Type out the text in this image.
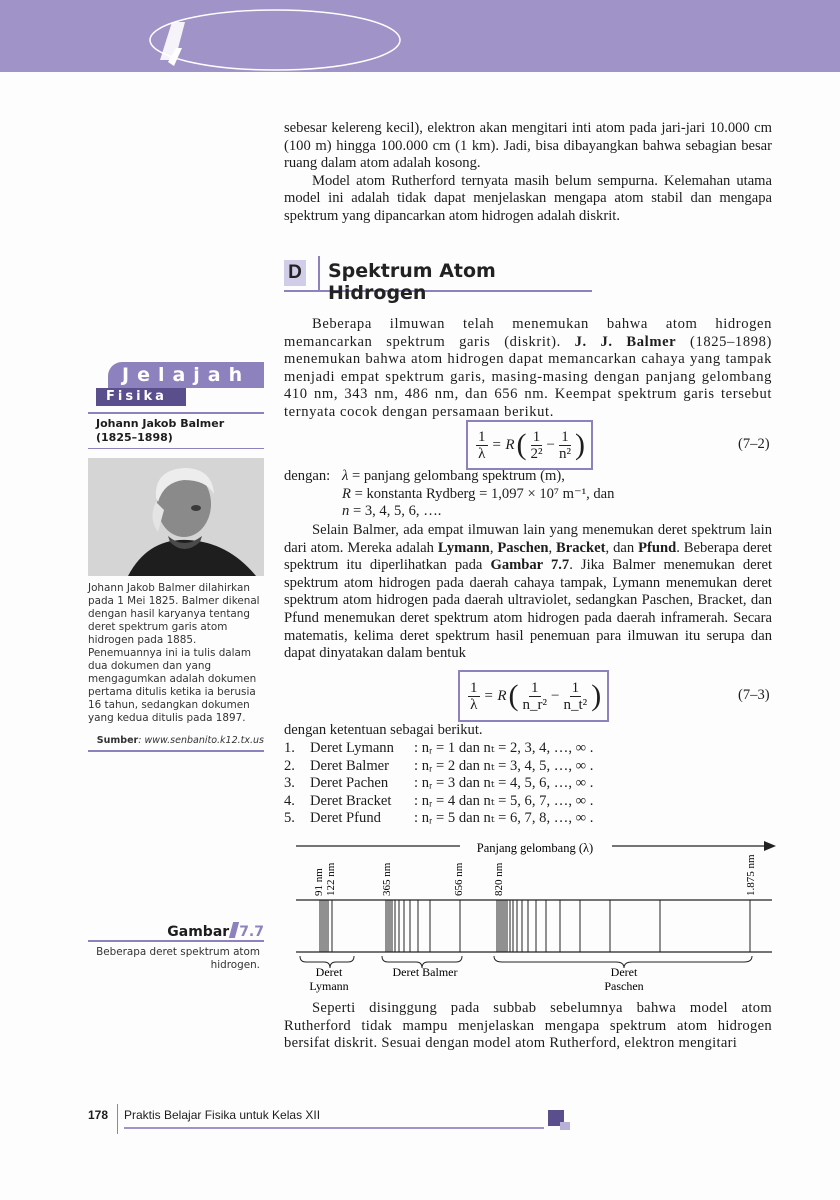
sebesar kelereng kecil), elektron akan mengitari inti atom pada jari-jari 10.000 cm (100 m) hingga 100.000 cm (1 km). Jadi, bisa dibayangkan bahwa sebagian besar ruang dalam atom adalah kosong.

Model atom Rutherford ternyata masih belum sempurna. Kelemahan utama model ini adalah tidak dapat menjelaskan mengapa atom stabil dan mengapa spektrum yang dipancarkan atom hidrogen adalah diskrit.

D Spektrum Atom Hidrogen

Beberapa ilmuwan telah menemukan bahwa atom hidrogen memancarkan spektrum garis (diskrit). J. J. Balmer (1825–1898) menemukan bahwa atom hidrogen dapat memancarkan cahaya yang tampak menjadi empat spektrum garis, masing-masing dengan panjang gelombang 410 nm, 343 nm, 486 nm, dan 656 nm. Keempat spektrum garis tersebut ternyata cocok dengan persamaan berikut.

$\frac{1}{\lambda} = R$ ( $\frac{1}{\text{2²}} - \frac{1}{\text{n²}}$ )	(7–2)
dengan: λ = panjang gelombang spektrum (m),
R = konstanta Rydberg = 1,097 × 10⁷ m⁻¹, dan
n = 3, 4, 5, 6, ….

Selain Balmer, ada empat ilmuwan lain yang menemukan deret spektrum lain dari atom. Mereka adalah Lymann, Paschen, Bracket, dan Pfund. Beberapa deret spektrum itu diperlihatkan pada Gambar 7.7. Jika Balmer menemukan deret spektrum atom hidrogen pada daerah cahaya tampak, Lymann menemukan deret spektrum atom hidrogen pada daerah ultraviolet, sedangkan Paschen, Bracket, dan Pfund menemukan deret spektrum atom hidrogen pada daerah inframerah. Secara matematis, kelima deret spektrum hasil penemuan para ilmuwan itu serupa dan dapat dinyatakan dalam bentuk

$\frac{1}{\lambda} = R$ ( $\frac{1}{\text{n\_r²}} - \frac{1}{\text{n\_t²}}$ )	(7–3)
dengan ketentuan sebagai berikut.
1.	Deret Lymann	: nᵣ = 1 dan nₜ = 2, 3, 4, …, ∞ .
2.	Deret Balmer	: nᵣ = 2 dan nₜ = 3, 4, 5, …, ∞ .
3.	Deret Pachen	: nᵣ = 3 dan nₜ = 4, 5, 6, …, ∞ .
4.	Deret Bracket	: nᵣ = 4 dan nₜ = 5, 6, 7, …, ∞ .
5.	Deret Pfund	: nᵣ = 5 dan nₜ = 6, 7, 8, …, ∞ .
Panjang gelombang (λ)
91 nm 122 nm	365 nm	656 nm	820 nm	1.875 nm
Deret
Lymann
Deret Balmer	Deret
Paschen

Seperti disinggung pada subbab sebelumnya bahwa model atom Rutherford tidak mampu menjelaskan mengapa spektrum atom hidrogen bersifat diskrit. Sesuai dengan model atom Rutherford, elektron mengitari

Jelajah
Fisika
Johann Jakob Balmer
(1825–1898)
Johann Jakob Balmer dilahirkan pada 1 Mei 1825. Balmer dikenal dengan hasil karyanya tentang deret spektrum garis atom hidrogen pada 1885. Penemuannya ini ia tulis dalam dua dokumen dan yang mengagumkan adalah dokumen pertama ditulis ketika ia berusia 16 tahun, sedangkan dokumen yang kedua ditulis pada 1897.
Sumber: www.senbanito.k12.tx.us
Gambar 7.7
Beberapa deret spektrum atom hidrogen.
178 Praktis Belajar Fisika untuk Kelas XII
